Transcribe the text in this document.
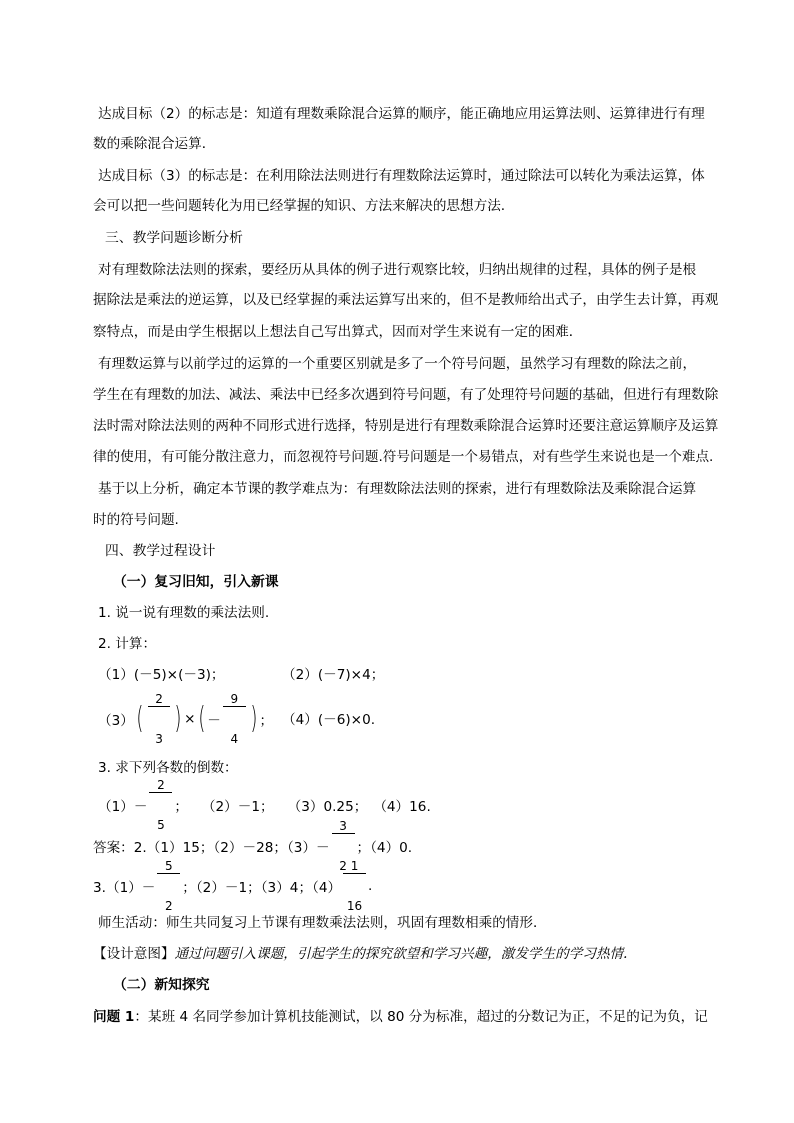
达成目标（2）的标志是：知道有理数乘除混合运算的顺序，能正确地应用运算法则、运算律进行有理
数的乘除混合运算．
达成目标（3）的标志是：在利用除法法则进行有理数除法运算时，通过除法可以转化为乘法运算，体
会可以把一些问题转化为用已经掌握的知识、方法来解决的思想方法.
三、教学问题诊断分析
对有理数除法法则的探索，要经历从具体的例子进行观察比较，归纳出规律的过程，具体的例子是根
据除法是乘法的逆运算，以及已经掌握的乘法运算写出来的，但不是教师给出式子，由学生去计算，再观
察特点，而是由学生根据以上想法自己写出算式，因而对学生来说有一定的困难．
有理数运算与以前学过的运算的一个重要区别就是多了一个符号问题，虽然学习有理数的除法之前，
学生在有理数的加法、减法、乘法中已经多次遇到符号问题，有了处理符号问题的基础，但进行有理数除
法时需对除法法则的两种不同形式进行选择，特别是进行有理数乘除混合运算时还要注意运算顺序及运算
律的使用，有可能分散注意力，而忽视符号问题.符号问题是一个易错点，对有些学生来说也是一个难点.
基于以上分析，确定本节课的教学难点为：有理数除法法则的探索，进行有理数除法及乘除混合运算
时的符号问题.
四、教学过程设计
（一）复习旧知，引入新课
1. 说一说有理数的乘法法则.
2. 计算：
（1）(－5)×(－3)；	（2）(－7)×4；
（3） (

$\frac{2}{3}$

) × ( －

$\frac{9}{4}$

) ； （4）(－6)×0.
3. 求下列各数的倒数：
（1）－

$\frac{2}{5}$

； （2）－1； （3）0.25； （4）16.
答案：2.（1）15；（2）－28；（3）－

$\frac{3}{2}$

；（4）0.
3.（1）－

$\frac{5}{2}$

；（2）－1；（3）4；（4）

$\frac{1}{16}$

.
师生活动：师生共同复习上节课有理数乘法法则，巩固有理数相乘的情形．
【设计意图】通过问题引入课题，引起学生的探究欲望和学习兴趣，激发学生的学习热情.
（二）新知探究
问题 1：某班 4 名同学参加计算机技能测试，以 80 分为标准，超过的分数记为正，不足的记为负，记
